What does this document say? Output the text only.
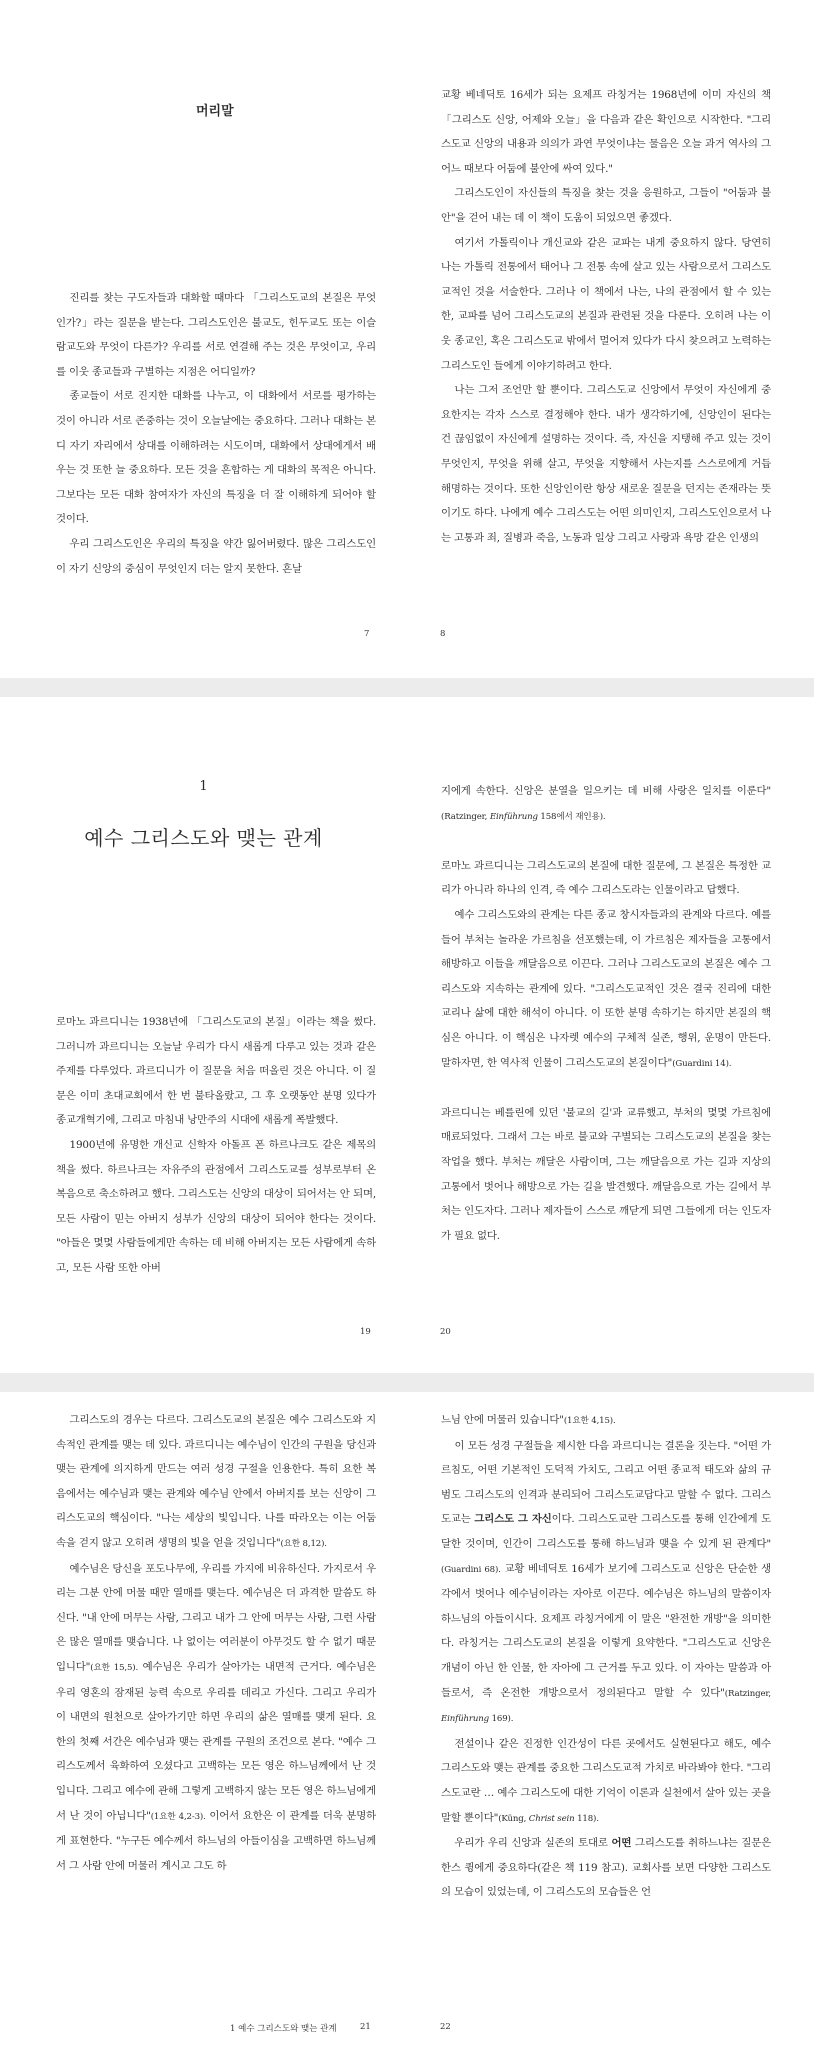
머리말

진리를 찾는 구도자들과 대화할 때마다 「그리스도교의 본질은 무엇인가?」라는 질문을 받는다. 그리스도인은 불교도, 힌두교도 또는 이슬람교도와 무엇이 다른가? 우리를 서로 연결해 주는 것은 무엇이고, 우리를 이웃 종교들과 구별하는 지점은 어디일까?

종교들이 서로 진지한 대화를 나누고, 이 대화에서 서로를 평가하는 것이 아니라 서로 존중하는 것이 오늘날에는 중요하다. 그러나 대화는 본디 자기 자리에서 상대를 이해하려는 시도이며, 대화에서 상대에게서 배우는 것 또한 늘 중요하다. 모든 것을 흔합하는 게 대화의 목적은 아니다. 그보다는 모든 대화 참여자가 자신의 특징을 더 잘 이해하게 되어야 할 것이다.

우리 그리스도인은 우리의 특징을 약간 잃어버렸다. 많은 그리스도인이 자기 신앙의 중심이 무엇인지 더는 알지 못한다. 흔날

7

교황 베네딕토 16세가 되는 요제프 라칭거는 1968년에 이미 자신의 책 「그리스도 신앙, 어제와 오늘」을 다음과 같은 확인으로 시작한다. "그리스도교 신앙의 내용과 의의가 과연 무엇이냐는 물음은 오늘 과거 역사의 그 어느 때보다 어둠에 불안에 싸여 있다."

그리스도인이 자신들의 특징을 찾는 것을 응원하고, 그들이 "어둠과 불안"을 걷어 내는 데 이 책이 도움이 되었으면 좋겠다.

여기서 가톨릭이나 개신교와 같은 교파는 내게 중요하지 않다. 당연히 나는 가톨릭 전통에서 태어나 그 전통 속에 살고 있는 사람으로서 그리스도교적인 것을 서술한다. 그러나 이 책에서 나는, 나의 관점에서 할 수 있는 한, 교파를 넘어 그리스도교의 본질과 관련된 것을 다룬다. 오히려 나는 이웃 종교인, 혹은 그리스도교 밖에서 멀어져 있다가 다시 찾으려고 노력하는 그리스도인 들에게 이야기하려고 한다.

나는 그저 조언만 할 뿐이다. 그리스도교 신앙에서 무엇이 자신에게 중요한지는 각자 스스로 결정해야 한다. 내가 생각하기에, 신앙인이 된다는 건 끊임없이 자신에게 설명하는 것이다. 즉, 자신을 지탱해 주고 있는 것이 무엇인지, 무엇을 위해 살고, 무엇을 지향해서 사는지를 스스로에게 거듭 해명하는 것이다. 또한 신앙인이란 항상 새로운 질문을 던지는 존재라는 뜻이기도 하다. 나에게 예수 그리스도는 어떤 의미인지, 그리스도인으로서 나는 고통과 죄, 질병과 죽음, 노동과 일상 그리고 사랑과 욕망 같은 인생의

8
1
예수 그리스도와 맺는 관계

로마노 과르디니는 1938년에 「그리스도교의 본질」이라는 책을 썼다. 그러니까 과르디니는 오늘날 우리가 다시 새롭게 다루고 있는 것과 같은 주제를 다루었다. 과르디니가 이 질문을 처음 떠올린 것은 아니다. 이 질문은 이미 초대교회에서 한 번 불타올랐고, 그 후 오랫동안 분명 있다가 종교개혁기에, 그리고 마침내 낭만주의 시대에 새롭게 폭발했다.

1900년에 유명한 개신교 신학자 아돌프 폰 하르나크도 같은 제목의 책을 썼다. 하르나크는 자유주의 관점에서 그리스도교를 성부로부터 온 복음으로 축소하려고 했다. 그리스도는 신앙의 대상이 되어서는 안 되며, 모든 사람이 믿는 아버지 성부가 신앙의 대상이 되어야 한다는 것이다. "아들은 몇몇 사람들에게만 속하는 데 비해 아버지는 모든 사람에게 속하고, 모든 사람 또한 아버

19

지에게 속한다. 신앙은 분열을 일으키는 데 비해 사랑은 일치를 이룬다"(Ratzinger, Einführung 158에서 재인용).

로마노 과르디니는 그리스도교의 본질에 대한 질문에, 그 본질은 특정한 교리가 아니라 하나의 인격, 즉 예수 그리스도라는 인물이라고 답했다.

예수 그리스도와의 관계는 다른 종교 창시자들과의 관계와 다르다. 예를 들어 부처는 놀라운 가르침을 선포했는데, 이 가르침은 제자들을 고통에서 해방하고 이들을 깨달음으로 이끈다. 그러나 그리스도교의 본질은 예수 그리스도와 지속하는 관계에 있다. "그리스도교적인 것은 결국 진리에 대한 교리나 삶에 대한 해석이 아니다. 이 또한 분명 속하기는 하지만 본질의 핵심은 아니다. 이 핵심은 나자렛 예수의 구체적 실존, 행위, 운명이 만든다. 말하자면, 한 역사적 인물이 그리스도교의 본질이다"(Guardini 14).

과르디니는 베를린에 있던 '불교의 길'과 교류했고, 부처의 몇몇 가르침에 매료되었다. 그래서 그는 바로 불교와 구별되는 그리스도교의 본질을 찾는 작업을 했다. 부처는 깨달은 사람이며, 그는 깨달음으로 가는 길과 지상의 고통에서 벗어나 해방으로 가는 길을 발견했다. 깨달음으로 가는 길에서 부처는 인도자다. 그러나 제자들이 스스로 깨닫게 되면 그들에게 더는 인도자가 필요 없다.

20

그리스도의 경우는 다르다. 그리스도교의 본질은 예수 그리스도와 지속적인 관계를 맺는 데 있다. 과르디니는 예수님이 인간의 구원을 당신과 맺는 관계에 의지하게 만드는 여러 성경 구절을 인용한다. 특히 요한 복음에서는 예수님과 맺는 관계와 예수님 안에서 아버지를 보는 신앙이 그리스도교의 핵심이다. "나는 세상의 빛입니다. 나를 따라오는 이는 어둠 속을 걷지 않고 오히려 생명의 빛을 얻을 것입니다"(요한 8,12).

예수님은 당신을 포도나무에, 우리를 가지에 비유하신다. 가지로서 우리는 그분 안에 머물 때만 열매를 맺는다. 예수님은 더 과격한 말씀도 하신다. "내 안에 머무는 사람, 그리고 내가 그 안에 머무는 사람, 그런 사람은 많은 열매를 맺습니다. 나 없이는 여러분이 아무것도 할 수 없기 때문입니다"(요한 15,5). 예수님은 우리가 살아가는 내면적 근거다. 예수님은 우리 영혼의 잠재된 능력 속으로 우리를 데리고 가신다. 그리고 우리가 이 내면의 원천으로 살아가기만 하면 우리의 삶은 열매를 맺게 된다. 요한의 첫째 서간은 예수님과 맺는 관계를 구원의 조건으로 본다. "예수 그리스도께서 육화하여 오셨다고 고백하는 모든 영은 하느님께에서 난 것입니다. 그리고 예수에 관해 그렇게 고백하지 않는 모든 영은 하느님에게서 난 것이 아닙니다"(1요한 4,2-3). 이어서 요한은 이 관계를 더욱 분명하게 표현한다. "누구든 예수께서 하느님의 아들이심을 고백하면 하느님께서 그 사람 안에 머물러 계시고 그도 하

1 예수 그리스도와 맺는 관계	21

느님 안에 머물러 있습니다"(1요한 4,15).

이 모든 성경 구절들을 제시한 다음 과르디니는 결론을 짓는다. "어떤 가르침도, 어떤 기본적인 도덕적 가치도, 그리고 어떤 종교적 태도와 삶의 규범도 그리스도의 인격과 분리되어 그리스도교답다고 말할 수 없다. 그리스도교는 그리스도 그 자신이다. 그리스도교란 그리스도를 통해 인간에게 도달한 것이며, 인간이 그리스도를 통해 하느님과 맺을 수 있게 된 관계다"(Guardini 68). 교황 베네딕토 16세가 보기에 그리스도교 신앙은 단순한 생각에서 벗어나 예수님이라는 자아로 이끈다. 예수님은 하느님의 말씀이자 하느님의 아들이시다. 요제프 라칭거에게 이 말은 "완전한 개방"을 의미한다. 라칭거는 그리스도교의 본질을 이렇게 요약한다. "그리스도교 신앙은 개념이 아닌 한 인물, 한 자아에 그 근거를 두고 있다. 이 자아는 말씀과 아들로서, 즉 온전한 개방으로서 정의된다고 말할 수 있다"(Ratzinger, Einführung 169).

전설이나 같은 진정한 인간성이 다른 곳에서도 실현된다고 해도, 예수 그리스도와 맺는 관계를 중요한 그리스도교적 가치로 바라봐야 한다. "그리스도교란 … 예수 그리스도에 대한 기억이 이론과 실천에서 살아 있는 곳을 말할 뿐이다"(Küng, Christ sein 118).

우리가 우리 신앙과 실존의 토대로 어떤 그리스도를 취하느냐는 질문은 한스 큉에게 중요하다(같은 책 119 참고). 교회사를 보면 다양한 그리스도의 모습이 있었는데, 이 그리스도의 모습들은 언

22
